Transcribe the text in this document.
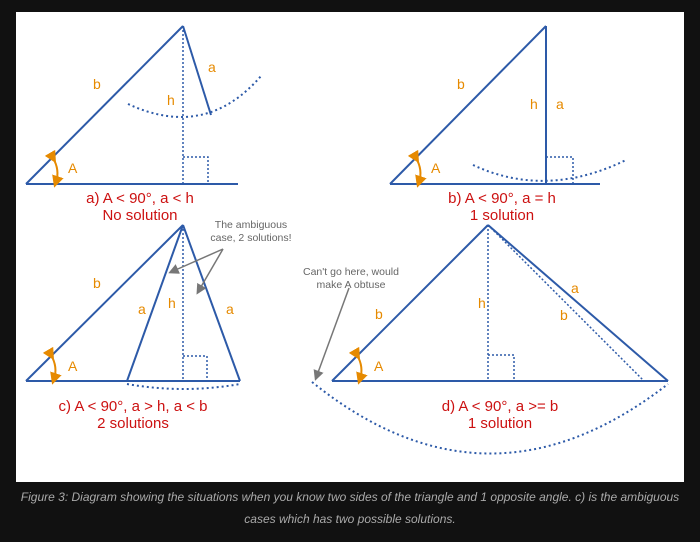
b
a
h
A
a) A < 90°, a < h
No solution
b
h a
A
b) A < 90°, a = h
1 solution
b
a h	a
A
The ambiguous
case, 2 solutions!
c) A < 90°, a > h, a < b
2 solutions
b
h
a
b
A
Can't go here, would
make A obtuse
d) A < 90°, a >= b
1 solution
Figure 3: Diagram showing the situations when you know two sides of the triangle and 1 opposite angle. c) is the ambiguous
cases which has two possible solutions.
